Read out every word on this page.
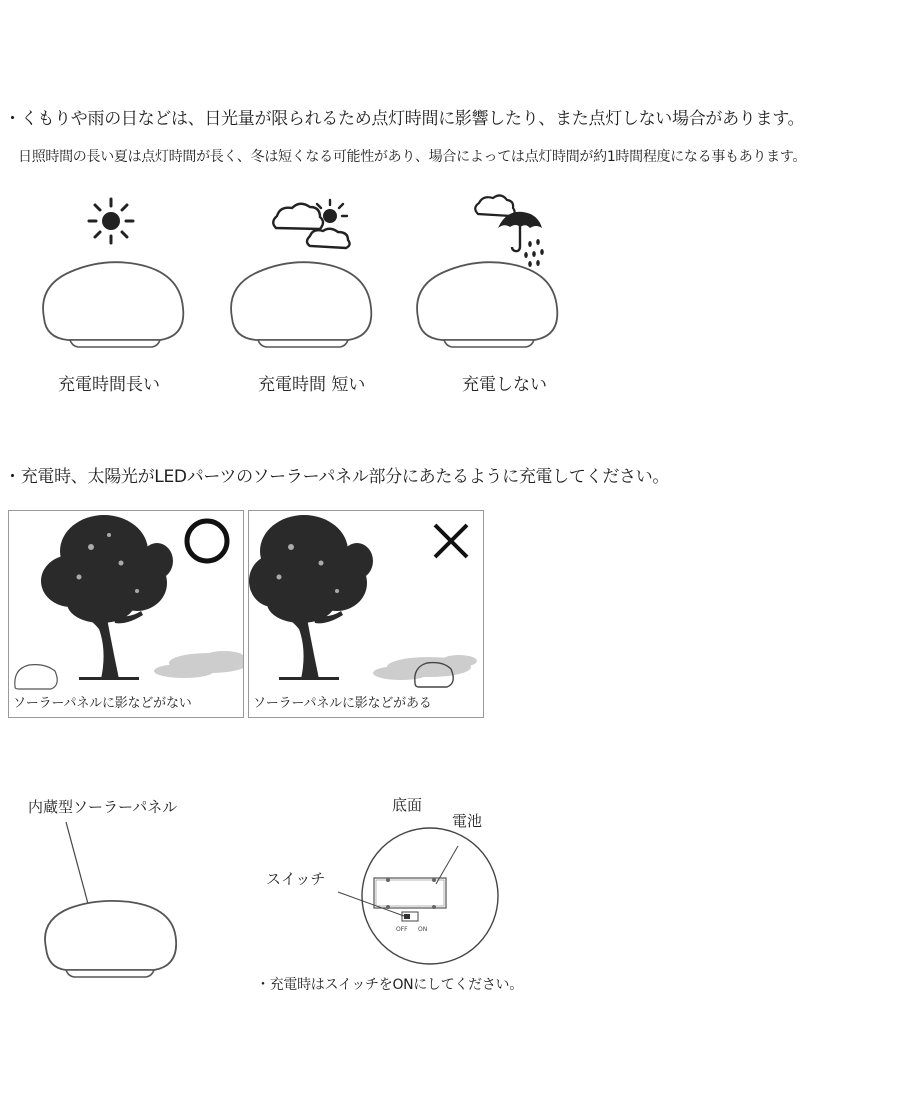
・くもりや雨の日などは、日光量が限られるため点灯時間に影響したり、また点灯しない場合があります。
日照時間の長い夏は点灯時間が長く、冬は短くなる可能性があり、場合によっては点灯時間が約1時間程度になる事もあります。
充電時間長い	充電時間 短い	充電しない
・充電時、太陽光がLEDパーツのソーラーパネル部分にあたるように充電してください。
ソーラーパネルに影などがない	ソーラーパネルに影などがある
内蔵型ソーラーパネル	底面
電池
スイッチ
OFF ON
・充電時はスイッチをONにしてください。
